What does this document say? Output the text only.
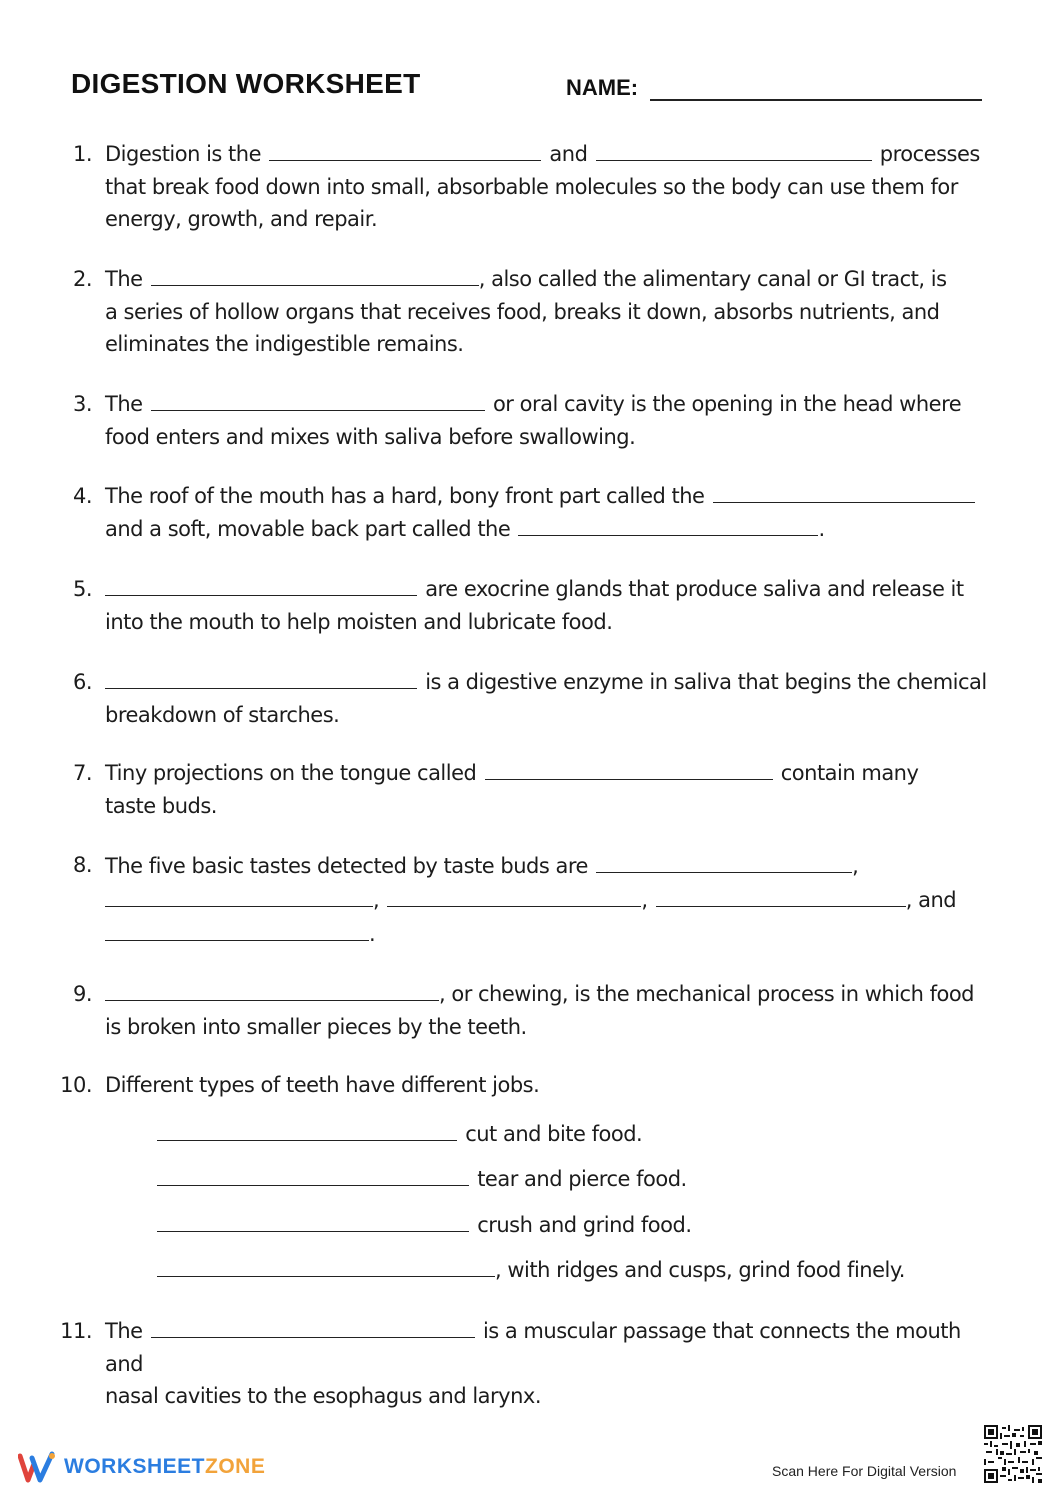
DIGESTION WORKSHEET	NAME:
1. Digestion is the	and	processes
that break food down into small, absorbable molecules so the body can use them for
energy, growth, and repair.
2. The	, also called the alimentary canal or GI tract, is
a series of hollow organs that receives food, breaks it down, absorbs nutrients, and
eliminates the indigestible remains.
3. The	or oral cavity is the opening in the head where
food enters and mixes with saliva before swallowing.
4. The roof of the mouth has a hard, bony front part called the
and a soft, movable back part called the	.
5.	are exocrine glands that produce saliva and release it
into the mouth to help moisten and lubricate food.
6.	is a digestive enzyme in saliva that begins the chemical
breakdown of starches.
7. Tiny projections on the tongue called	contain many
taste buds.
8. The five basic tastes detected by taste buds are	,
,	,	, and
.
9.	, or chewing, is the mechanical process in which food
is broken into smaller pieces by the teeth.
10. Different types of teeth have different jobs.
cut and bite food.
tear and pierce food.
crush and grind food.
, with ridges and cusps, grind food finely.
11. The	is a muscular passage that connects the mouth and
nasal cavities to the esophagus and larynx.
WORKSHEETZONE	Scan Here For Digital Version
